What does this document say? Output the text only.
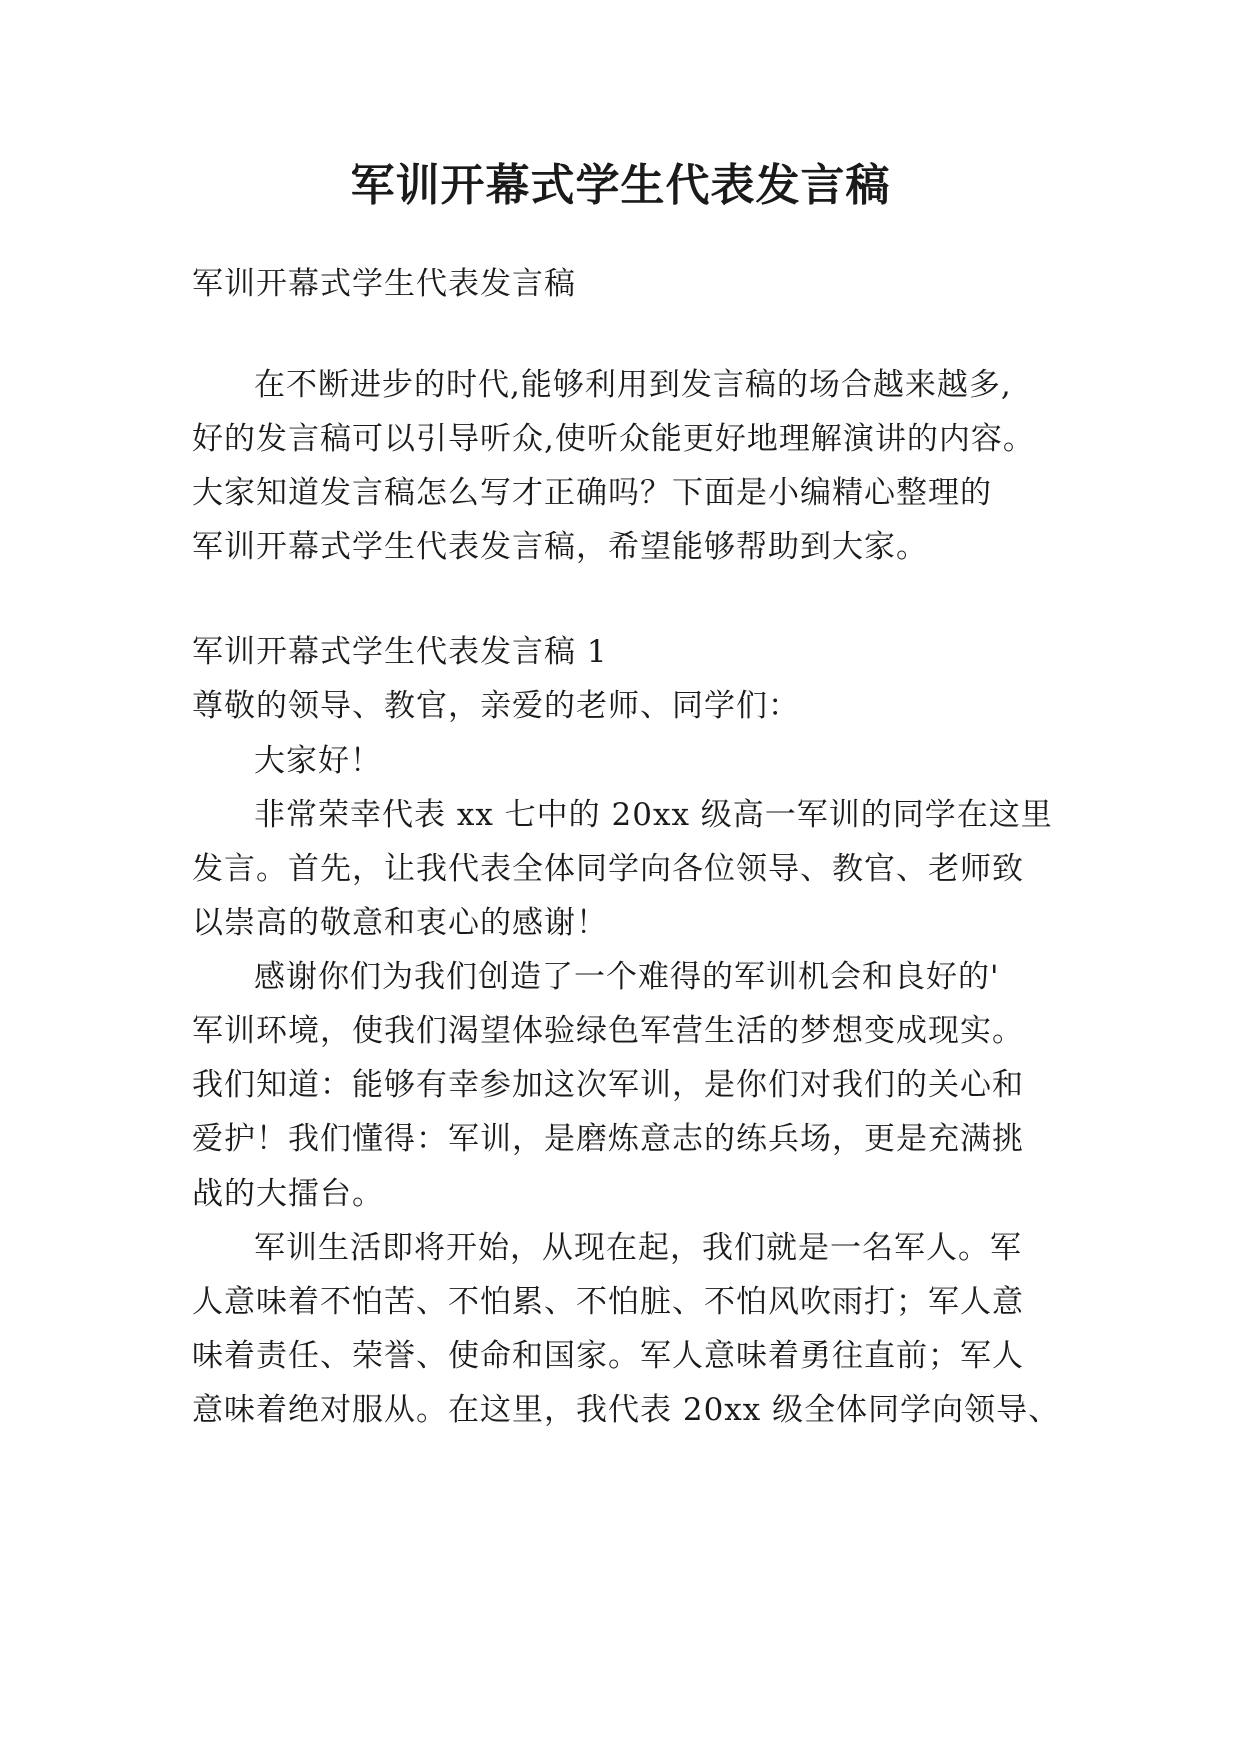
军训开幕式学生代表发言稿

军训开幕式学生代表发言稿

在不断进步的时代,能够利用到发言稿的场合越来越多,

好的发言稿可以引导听众,使听众能更好地理解演讲的内容。

大家知道发言稿怎么写才正确吗？下面是小编精心整理的

军训开幕式学生代表发言稿，希望能够帮助到大家。

军训开幕式学生代表发言稿 1

尊敬的领导、教官，亲爱的老师、同学们：

大家好！

非常荣幸代表 xx 七中的 20xx 级高一军训的同学在这里

发言。首先，让我代表全体同学向各位领导、教官、老师致

以崇高的敬意和衷心的感谢！

感谢你们为我们创造了一个难得的军训机会和良好的'

军训环境，使我们渴望体验绿色军营生活的梦想变成现实。

我们知道：能够有幸参加这次军训，是你们对我们的关心和

爱护！我们懂得：军训，是磨炼意志的练兵场，更是充满挑

战的大擂台。

军训生活即将开始，从现在起，我们就是一名军人。军

人意味着不怕苦、不怕累、不怕脏、不怕风吹雨打；军人意

味着责任、荣誉、使命和国家。军人意味着勇往直前；军人

意味着绝对服从。在这里，我代表 20xx 级全体同学向领导、
